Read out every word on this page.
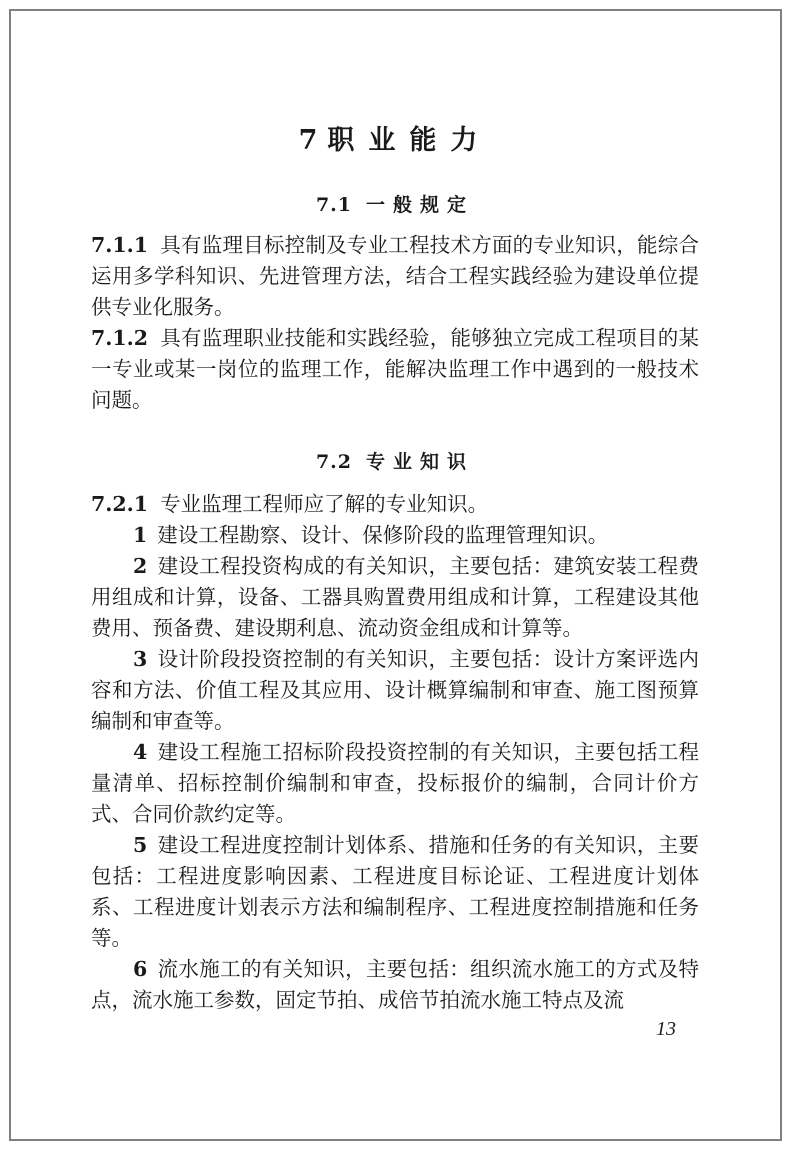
7 职业能力
7.1 一般规定

7.1.1 具有监理目标控制及专业工程技术方面的专业知识，能综合运用多学科知识、先进管理方法，结合工程实践经验为建设单位提供专业化服务。

7.1.2 具有监理职业技能和实践经验，能够独立完成工程项目的某一专业或某一岗位的监理工作，能解决监理工作中遇到的一般技术问题。

7.2 专业知识

7.2.1 专业监理工程师应了解的专业知识。

1 建设工程勘察、设计、保修阶段的监理管理知识。

2 建设工程投资构成的有关知识，主要包括：建筑安装工程费用组成和计算，设备、工器具购置费用组成和计算，工程建设其他费用、预备费、建设期利息、流动资金组成和计算等。

3 设计阶段投资控制的有关知识，主要包括：设计方案评选内容和方法、价值工程及其应用、设计概算编制和审查、施工图预算编制和审查等。

4 建设工程施工招标阶段投资控制的有关知识，主要包括工程量清单、招标控制价编制和审查，投标报价的编制，合同计价方式、合同价款约定等。

5 建设工程进度控制计划体系、措施和任务的有关知识，主要包括：工程进度影响因素、工程进度目标论证、工程进度计划体系、工程进度计划表示方法和编制程序、工程进度控制措施和任务等。

6 流水施工的有关知识，主要包括：组织流水施工的方式及特点，流水施工参数，固定节拍、成倍节拍流水施工特点及流

13
